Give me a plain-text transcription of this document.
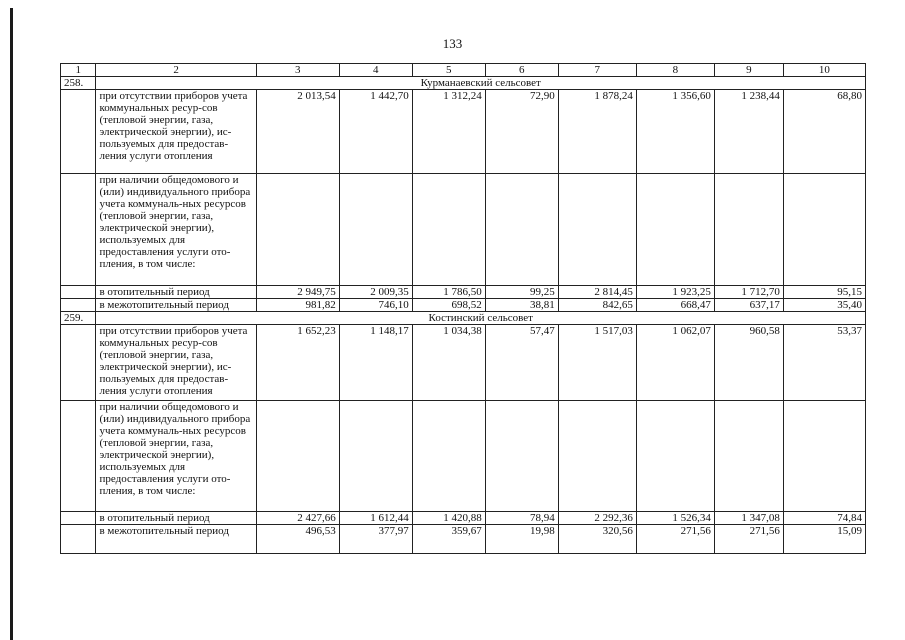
133
1	2	3	4	5	6	7	8	9	10
258.	Курманаевский сельсовет								
	при отсутствии приборов учета коммунальных ресур-сов (тепловой энергии, газа, электрической энергии), ис-пользуемых для предостав-ления услуги отопления	2 013,54	1 442,70	1 312,24	72,90	1 878,24	1 356,60	1 238,44	68,80
	при наличии общедомового и (или) индивидуального прибора учета коммуналь-ных ресурсов (тепловой энергии, газа, электрической энергии), используемых для предоставления услуги ото-пления, в том числе:								
	в отопительный период	2 949,75	2 009,35	1 786,50	99,25	2 814,45	1 923,25	1 712,70	95,15
	в межотопительный период	981,82	746,10	698,52	38,81	842,65	668,47	637,17	35,40
259.	Костинский сельсовет								
	при отсутствии приборов учета коммунальных ресур-сов (тепловой энергии, газа, электрической энергии), ис-пользуемых для предостав-ления услуги отопления	1 652,23	1 148,17	1 034,38	57,47	1 517,03	1 062,07	960,58	53,37
	при наличии общедомового и (или) индивидуального прибора учета коммуналь-ных ресурсов (тепловой энергии, газа, электрической энергии), используемых для предоставления услуги ото-пления, в том числе:								
	в отопительный период	2 427,66	1 612,44	1 420,88	78,94	2 292,36	1 526,34	1 347,08	74,84
	в межотопительный период	496,53	377,97	359,67	19,98	320,56	271,56	271,56	15,09
